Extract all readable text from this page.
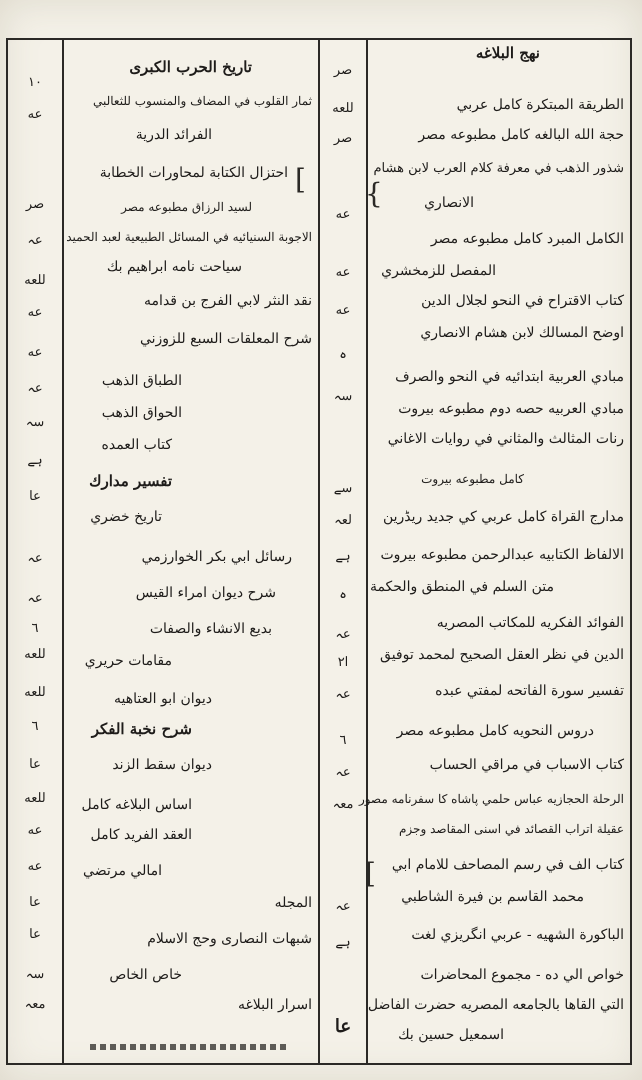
{
[
[
نهج البلاغه
الطريقة المبتكرة كامل عربي
حجة الله البالغه كامل مطبوعه مصر
شذور الذهب في معرفة كلام العرب لابن هشام
الانصاري
الكامل المبرد كامل مطبوعه مصر
المفصل للزمخشري
كتاب الاقتراح في النحو لجلال الدين
اوضح المسالك لابن هشام الانصاري
مبادي العربية ابتدائيه في النحو والصرف
مبادي العربيه حصه دوم مطبوعه بيروت
رنات المثالث والمثاني في روايات الاغاني
كامل مطبوعه بيروت
مدارج القراة كامل عربي كي جديد ريڈرين
الالفاظ الكتابيه عبدالرحمن مطبوعه بيروت
متن السلم في المنطق والحكمة
الفوائد الفكريه للمكاتب المصريه
الدين في نظر العقل الصحيح لمحمد توفيق
تفسير سورة الفاتحه لمفتي عبده
دروس النحويه كامل مطبوعه مصر
كتاب الاسباب في مراقي الحساب
الرحلة الحجازيه عباس حلمي پاشاه كا سفرنامه مصور
عقيلة اتراب القصائد في اسنى المقاصد وجزم
كتاب الف في رسم المصاحف للامام ابي
محمد القاسم بن فيرة الشاطبي
الباكورة الشهيه - عربي انگريزي لغت
خواص الي ده - مجموع المحاضرات
التي القاها بالجامعه المصريه حضرت الفاضل
اسمعيل حسين بك
صر
للعه
صر
عه
عه
عه
ہ
سہ
سے
لعہ
ہے
ہ
عہ
۲ا
عہ
٦
عہ
معہ
عہ
ہے
عا
تاريخ الحرب الكبرى
ثمار القلوب في المضاف والمنسوب للثعالبي
الفرائد الدرية
احتزال الكتابة لمحاورات الخطابة
لسيد الرزاق مطبوعه مصر
الاجوبة السنيائيه في المسائل الطبيعية لعبد الحميد
سياحت نامه ابراهيم بك
نقد النثر لابي الفرج بن قدامه
شرح المعلقات السبع للزوزني
الطباق الذهب
الحواق الذهب
كتاب العمده
تفسير مدارك
تاريخ خضري
رسائل ابي بكر الخوارزمي
شرح ديوان امراء القيس
بديع الانشاء والصفات
مقامات حريري
ديوان ابو العتاهيه
شرح نخبة الفكر
ديوان سقط الزند
اساس البلاغه كامل
العقد الفريد كامل
امالي مرتضي
المجله
شبهات النصارى وحج الاسلام
خاص الخاص
اسرار البلاغه
۱۰
عه
صر
عہ
للعه
عه
عه
عہ
سہ
ہے
عا
عہ
عہ
٦
للعه
للعه
٦
عا
للعه
عه
عه
عا
عا
سہ
معہ
